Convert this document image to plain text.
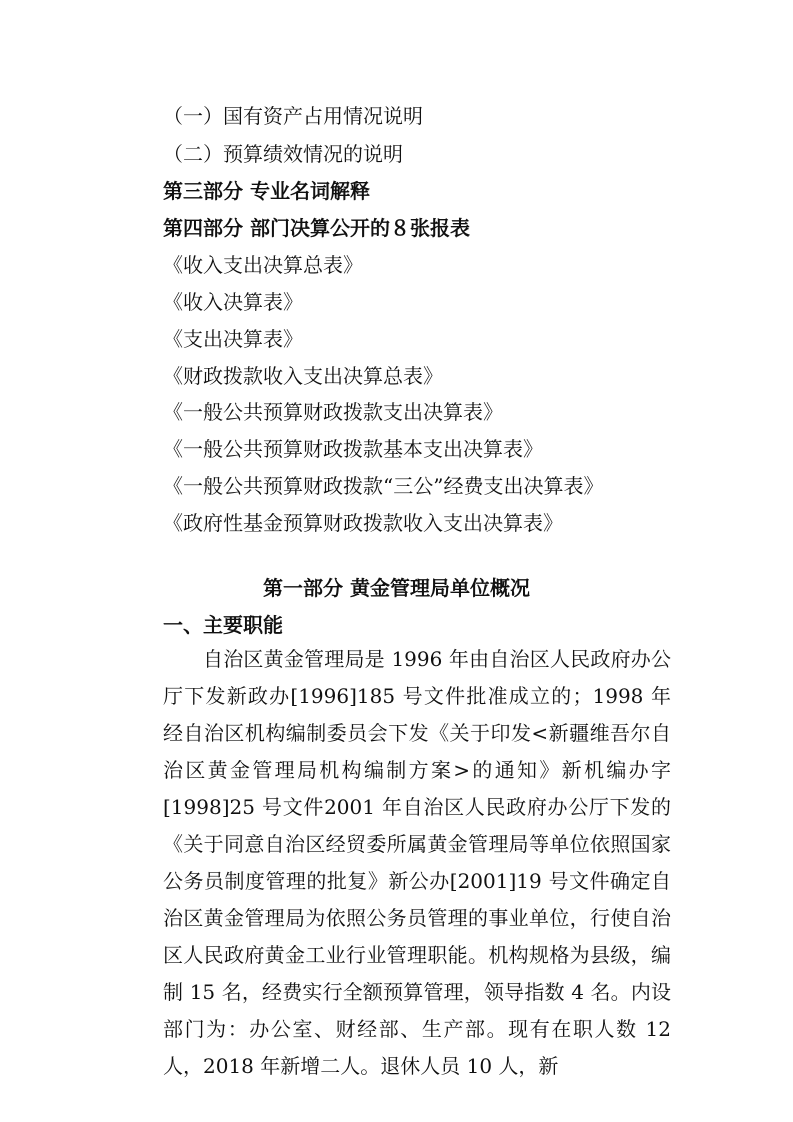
（一）国有资产占用情况说明
（二）预算绩效情况的说明
第三部分 专业名词解释
第四部分 部门决算公开的８张报表
《收入支出决算总表》
《收入决算表》
《支出决算表》
《财政拨款收入支出决算总表》
《一般公共预算财政拨款支出决算表》
《一般公共预算财政拨款基本支出决算表》
《一般公共预算财政拨款“三公”经费支出决算表》
《政府性基金预算财政拨款收入支出决算表》
第一部分 黄金管理局单位概况
一、主要职能
自治区黄金管理局是 1996 年由自治区人民政府办公厅下发新政办[1996]185 号文件批准成立的；1998 年经自治区机构编制委员会下发《关于印发<新疆维吾尔自治区黄金管理局机构编制方案>的通知》新机编办字[1998]25 号文件2001 年自治区人民政府办公厅下发的《关于同意自治区经贸委所属黄金管理局等单位依照国家公务员制度管理的批复》新公办[2001]19 号文件确定自治区黄金管理局为依照公务员管理的事业单位，行使自治区人民政府黄金工业行业管理职能。机构规格为县级，编制 15 名，经费实行全额预算管理，领导指数 4 名。内设部门为：办公室、财经部、生产部。现有在职人数 12 人，2018 年新增二人。退休人员 10 人，新
